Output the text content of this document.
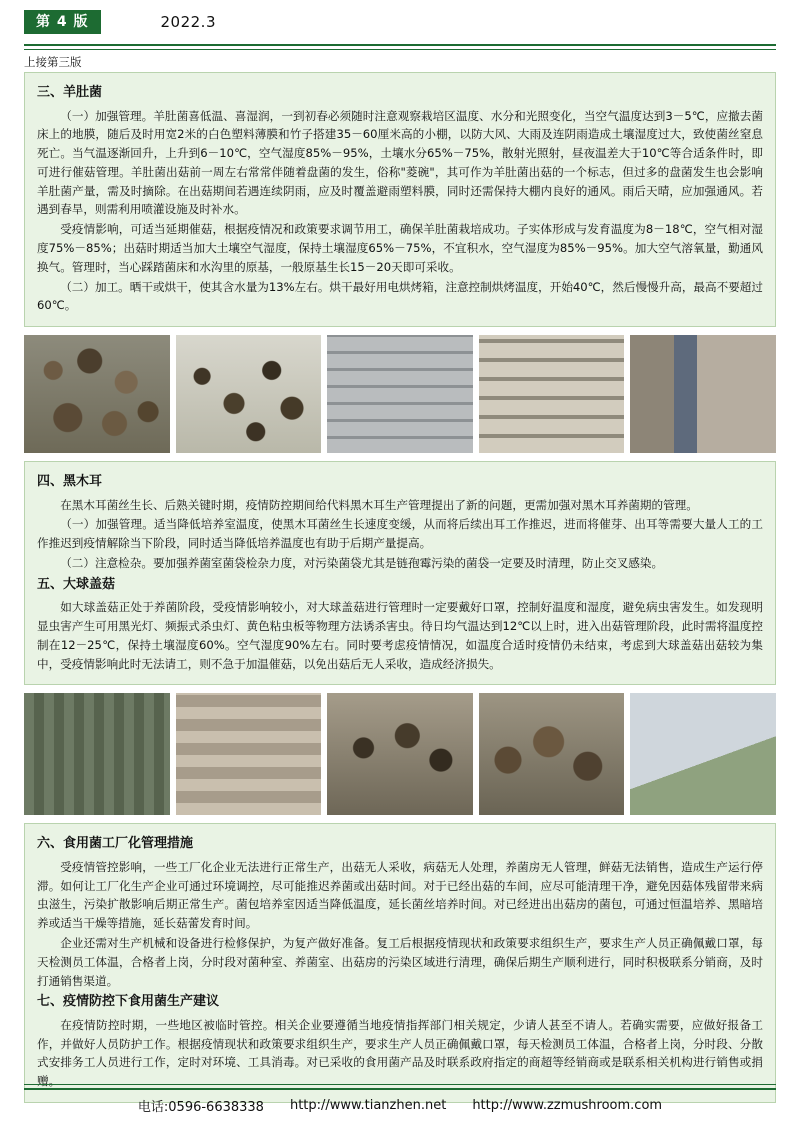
第 4 版	2022.3
上接第三版
三、羊肚菌

（一）加强管理。羊肚菌喜低温、喜湿润，一到初春必须随时注意观察栽培区温度、水分和光照变化，当空气温度达到3－5℃，应撤去菌床上的地膜，随后及时用宽2米的白色塑料薄膜和竹子搭建35－60厘米高的小棚，以防大风、大雨及连阴雨造成土壤湿度过大，致使菌丝窒息死亡。当气温逐渐回升，上升到6－10℃，空气湿度85%－95%，土壤水分65%－75%，散射光照射，昼夜温差大于10℃等合适条件时，即可进行催菇管理。羊肚菌出菇前一周左右常常伴随着盘菌的发生，俗称"菱碗"，其可作为羊肚菌出菇的一个标志，但过多的盘菌发生也会影响羊肚菌产量，需及时摘除。在出菇期间若遇连续阴雨，应及时覆盖避雨塑料膜，同时还需保持大棚内良好的通风。雨后天晴，应加强通风。若遇到春旱，则需利用喷灌设施及时补水。

受疫情影响，可适当延期催菇，根据疫情况和政策要求调节用工，确保羊肚菌栽培成功。子实体形成与发育温度为8－18℃，空气相对湿度75%－85%；出菇时期适当加大土壤空气湿度，保持土壤湿度65%－75%，不宜积水，空气湿度为85%－95%。加大空气溶氧量，勤通风换气。管理时，当心踩踏菌床和水沟里的原基，一般原基生长15－20天即可采收。

（二）加工。晒干或烘干，使其含水量为13%左右。烘干最好用电烘烤箱，注意控制烘烤温度，开始40℃，然后慢慢升高，最高不要超过60℃。

四、黑木耳

在黑木耳菌丝生长、后熟关键时期，疫情防控期间给代料黑木耳生产管理提出了新的问题，更需加强对黑木耳养菌期的管理。

（一）加强管理。适当降低培养室温度，使黑木耳菌丝生长速度变缓，从而将后续出耳工作推迟，进而将催芽、出耳等需要大量人工的工作推迟到疫情解除当下阶段，同时适当降低培养温度也有助于后期产量提高。

（二）注意检杂。要加强养菌室菌袋检杂力度，对污染菌袋尤其是链孢霉污染的菌袋一定要及时清理，防止交叉感染。

五、大球盖菇

如大球盖菇正处于养菌阶段，受疫情影响较小，对大球盖菇进行管理时一定要戴好口罩，控制好温度和湿度，避免病虫害发生。如发现明显虫害产生可用黑光灯、频振式杀虫灯、黄色粘虫板等物理方法诱杀害虫。待日均气温达到12℃以上时，进入出菇管理阶段，此时需将温度控制在12－25℃，保持土壤湿度60%。空气湿度90%左右。同时要考虑疫情情况，如温度合适时疫情仍未结束，考虑到大球盖菇出菇较为集中，受疫情影响此时无法请工，则不急于加温催菇，以免出菇后无人采收，造成经济损失。

六、食用菌工厂化管理措施

受疫情管控影响，一些工厂化企业无法进行正常生产，出菇无人采收，病菇无人处理，养菌房无人管理，鲜菇无法销售，造成生产运行停滞。如何让工厂化生产企业可通过环境调控，尽可能推迟养菌或出菇时间。对于已经出菇的车间，应尽可能清理干净，避免因菇体残留带来病虫滋生，污染扩散影响后期正常生产。菌包培养室因适当降低温度，延长菌丝培养时间。对已经进出出菇房的菌包，可通过恒温培养、黑暗培养或适当干燥等措施，延长菇蕾发育时间。

企业还需对生产机械和设备进行检修保护，为复产做好准备。复工后根据疫情现状和政策要求组织生产，要求生产人员正确佩戴口罩，每天检测员工体温，合格者上岗，分时段对菌种室、养菌室、出菇房的污染区域进行清理，确保后期生产顺利进行，同时积极联系分销商，及时打通销售渠道。

七、疫情防控下食用菌生产建议

在疫情防控时期，一些地区被临时管控。相关企业要遵循当地疫情指挥部门相关规定，少请人甚至不请人。若确实需要，应做好报备工作，并做好人员防护工作。根据疫情现状和政策要求组织生产，要求生产人员正确佩戴口罩，每天检测员工体温，合格者上岗，分时段、分散式安排务工人员进行工作，定时对环境、工具消毒。对已采收的食用菌产品及时联系政府指定的商超等经销商或是联系相关机构进行销售或捐赠。

电话:0596-6638338 http://www.tianzhen.net http://www.zzmushroom.com
